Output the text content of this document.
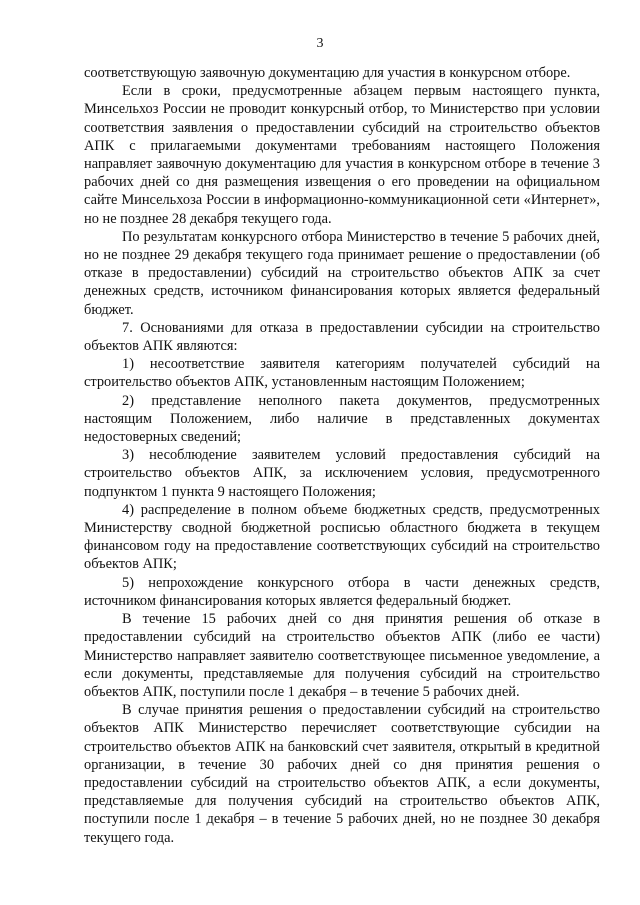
3

соответствующую заявочную документацию для участия в конкурсном отборе.

Если в сроки, предусмотренные абзацем первым настоящего пункта, Минсельхоз России не проводит конкурсный отбор, то Министерство при условии соответствия заявления о предоставлении субсидий на строительство объектов АПК с прилагаемыми документами требованиям настоящего Положения направляет заявочную документацию для участия в конкурсном отборе в течение 3 рабочих дней со дня размещения извещения о его проведении на официальном сайте Минсельхоза России в информационно-коммуникационной сети «Интернет», но не позднее 28 декабря текущего года.

По результатам конкурсного отбора Министерство в течение 5 рабочих дней, но не позднее 29 декабря текущего года принимает решение о предоставлении (об отказе в предоставлении) субсидий на строительство объектов АПК за счет денежных средств, источником финансирования которых является федеральный бюджет.

7. Основаниями для отказа в предоставлении субсидии на строительство объектов АПК являются:

1) несоответствие заявителя категориям получателей субсидий на строительство объектов АПК, установленным настоящим Положением;

2) представление неполного пакета документов, предусмотренных настоящим Положением, либо наличие в представленных документах недостоверных сведений;

3) несоблюдение заявителем условий предоставления субсидий на строительство объектов АПК, за исключением условия, предусмотренного подпунктом 1 пункта 9 настоящего Положения;

4) распределение в полном объеме бюджетных средств, предусмотренных Министерству сводной бюджетной росписью областного бюджета в текущем финансовом году на предоставление соответствующих субсидий на строительство объектов АПК;

5) непрохождение конкурсного отбора в части денежных средств, источником финансирования которых является федеральный бюджет.

В течение 15 рабочих дней со дня принятия решения об отказе в предоставлении субсидий на строительство объектов АПК (либо ее части) Министерство направляет заявителю соответствующее письменное уведомление, а если документы, представляемые для получения субсидий на строительство объектов АПК, поступили после 1 декабря – в течение 5 рабочих дней.

В случае принятия решения о предоставлении субсидий на строительство объектов АПК Министерство перечисляет соответствующие субсидии на строительство объектов АПК на банковский счет заявителя, открытый в кредитной организации, в течение 30 рабочих дней со дня принятия решения о предоставлении субсидий на строительство объектов АПК, а если документы, представляемые для получения субсидий на строительство объектов АПК, поступили после 1 декабря – в течение 5 рабочих дней, но не позднее 30 декабря текущего года.
